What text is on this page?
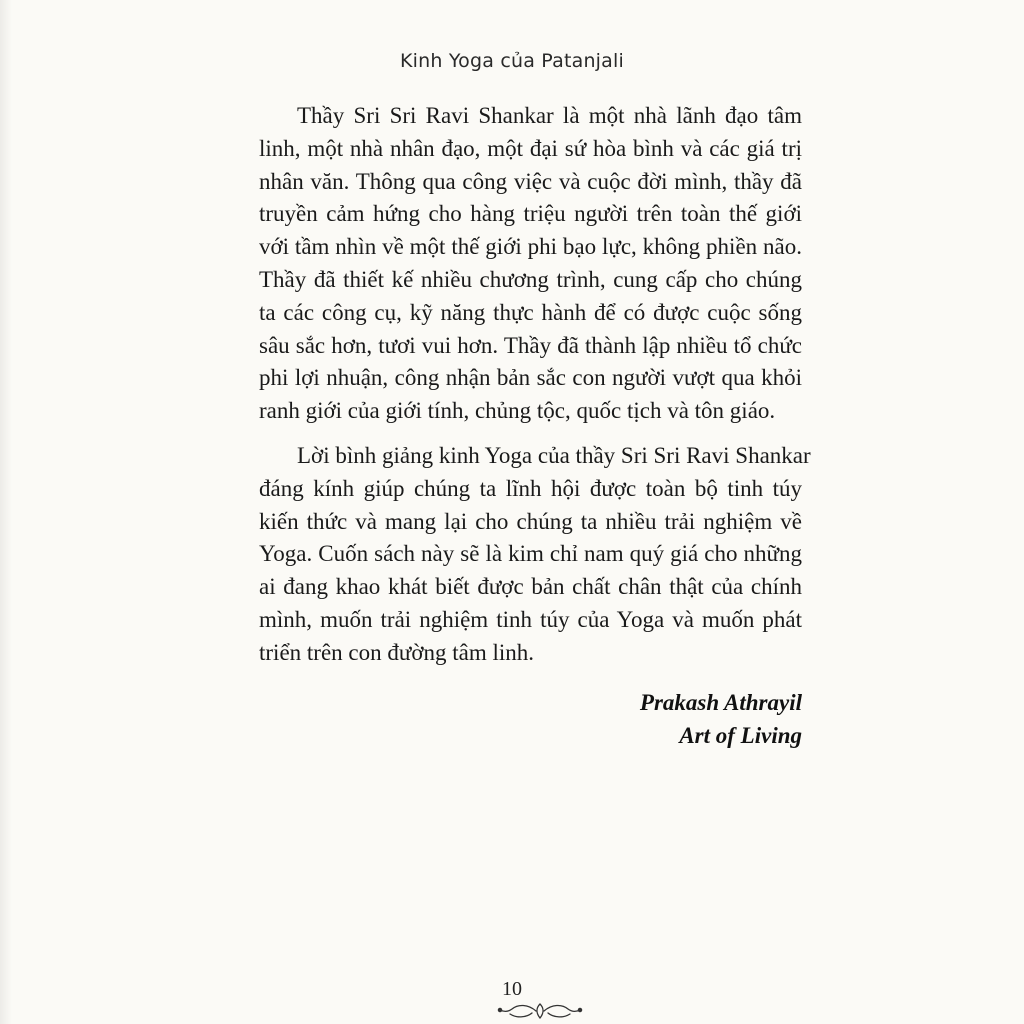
Kinh Yoga của Patanjali

Thầy Sri Sri Ravi Shankar là một nhà lãnh đạo tâm
linh, một nhà nhân đạo, một đại sứ hòa bình và các giá trị
nhân văn. Thông qua công việc và cuộc đời mình, thầy đã
truyền cảm hứng cho hàng triệu người trên toàn thế giới
với tầm nhìn về một thế giới phi bạo lực, không phiền não.
Thầy đã thiết kế nhiều chương trình, cung cấp cho chúng
ta các công cụ, kỹ năng thực hành để có được cuộc sống
sâu sắc hơn, tươi vui hơn. Thầy đã thành lập nhiều tổ chức
phi lợi nhuận, công nhận bản sắc con người vượt qua khỏi
ranh giới của giới tính, chủng tộc, quốc tịch và tôn giáo.

Lời bình giảng kinh Yoga của thầy Sri Sri Ravi Shankar
đáng kính giúp chúng ta lĩnh hội được toàn bộ tinh túy
kiến thức và mang lại cho chúng ta nhiều trải nghiệm về
Yoga. Cuốn sách này sẽ là kim chỉ nam quý giá cho những
ai đang khao khát biết được bản chất chân thật của chính
mình, muốn trải nghiệm tinh túy của Yoga và muốn phát
triển trên con đường tâm linh.

Prakash Athrayil
Art of Living
10
